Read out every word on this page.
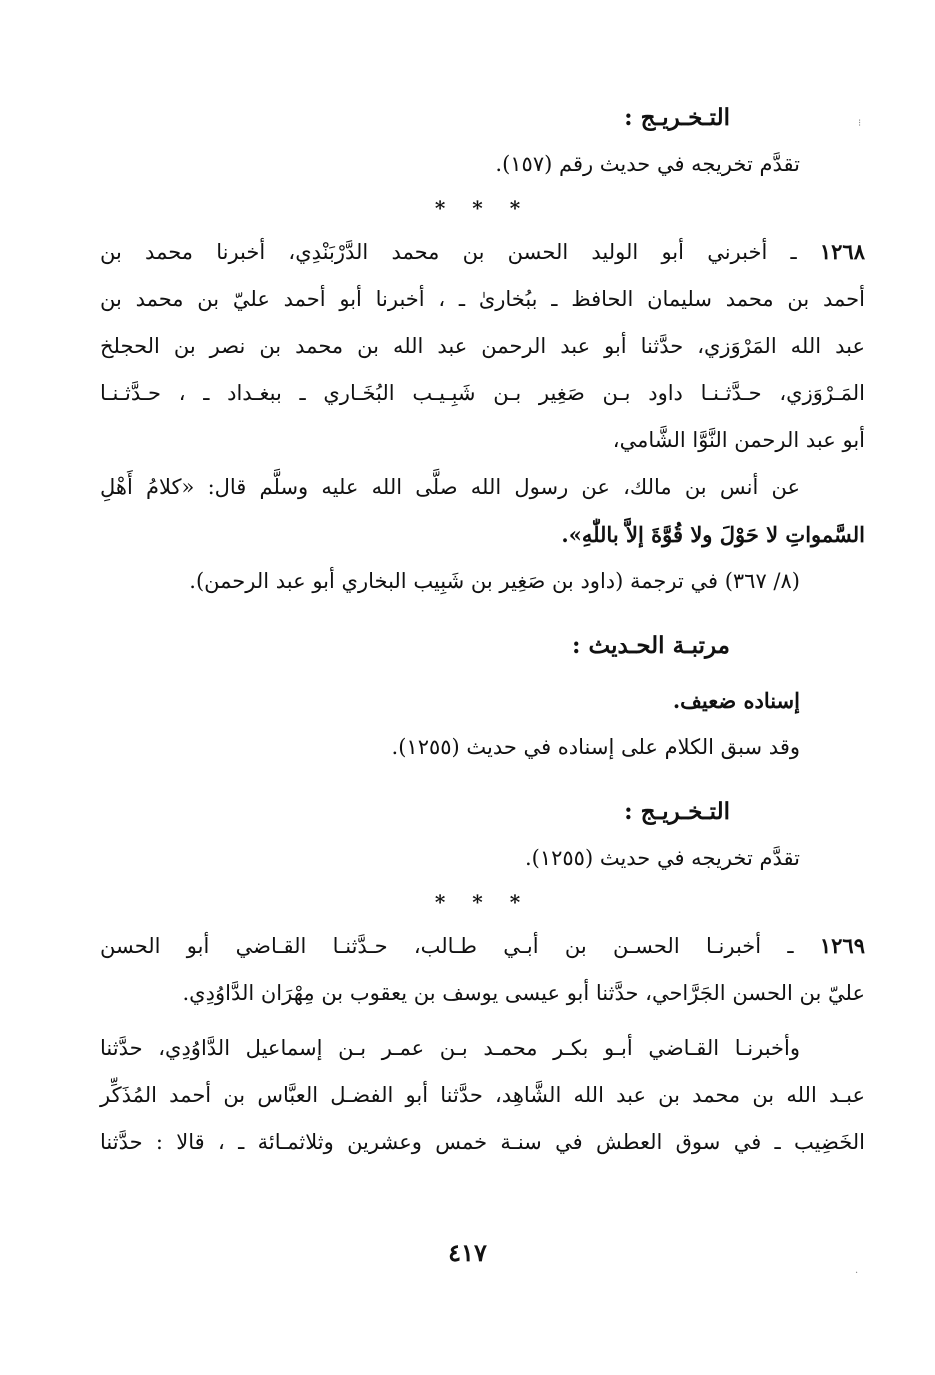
⁝
التـخـريـج :
تقدَّم تخريجه في حديث رقم (١٥٧).
* * *
١٢٦٨ ـ أخبرني أبو الوليد الحسن بن محمد الدَّرْبَنْدِي، أخبرنا محمد بن
أحمد بن محمد سليمان الحافظ ـ ببُخارىٰ ـ ، أخبرنا أبو أحمد عليّ بن محمد بن
عبد الله المَرْوَزي، حدَّثنا أبو عبد الرحمن عبد الله بن محمد بن نصر بن الحجلخ
المَـرْوَزي، حـدَّثـنـا داود بـن صَغِير بـن شَبِـيـب البُخَـاري ـ ببغـداد ـ ، حـدَّثـنـا
أبو عبد الرحمن النَّوَّا الشَّامي،
عن أنس بن مالك، عن رسول الله صلَّى الله عليه وسلَّم قال: «كلامُ أَهْلِ
السَّمواتِ لا حَوْلَ ولا قُوَّةَ إلاَّ باللّٰهِ».
(٨/ ٣٦٧) في ترجمة (داود بن صَغِير بن شَبِيب البخاري أبو عبد الرحمن).
مرتبـة الحـديث :
إسناده ضعيف.
وقد سبق الكلام على إسناده في حديث (١٢٥٥).
التـخـريـج :
تقدَّم تخريجه في حديث (١٢٥٥).
* * *
١٢٦٩ ـ أخبرنـا الحسـن بن أبـي طـالب، حـدَّثنـا القـاضي أبو الحسن
عليّ بن الحسن الجَرَّاحي، حدَّثنا أبو عيسى يوسف بن يعقوب بن مِهْرَان الدَّاوُدِي.
وأخبرنـا القـاضي أبـو بكـر محمـد بـن عمـر بـن إسماعيل الدَّاوُدِي، حدَّثنا
عبـد الله بن محمد بن عبد الله الشَّاهِد، حدَّثنا أبو الفضـل العبَّاس بن أحمد المُذَكِّر
الخَضِيب ـ في سوق العطش في سنـة خمس وعشرين وثلاثمـائة ـ ، قالا : حدَّثنا
٤١٧
·
